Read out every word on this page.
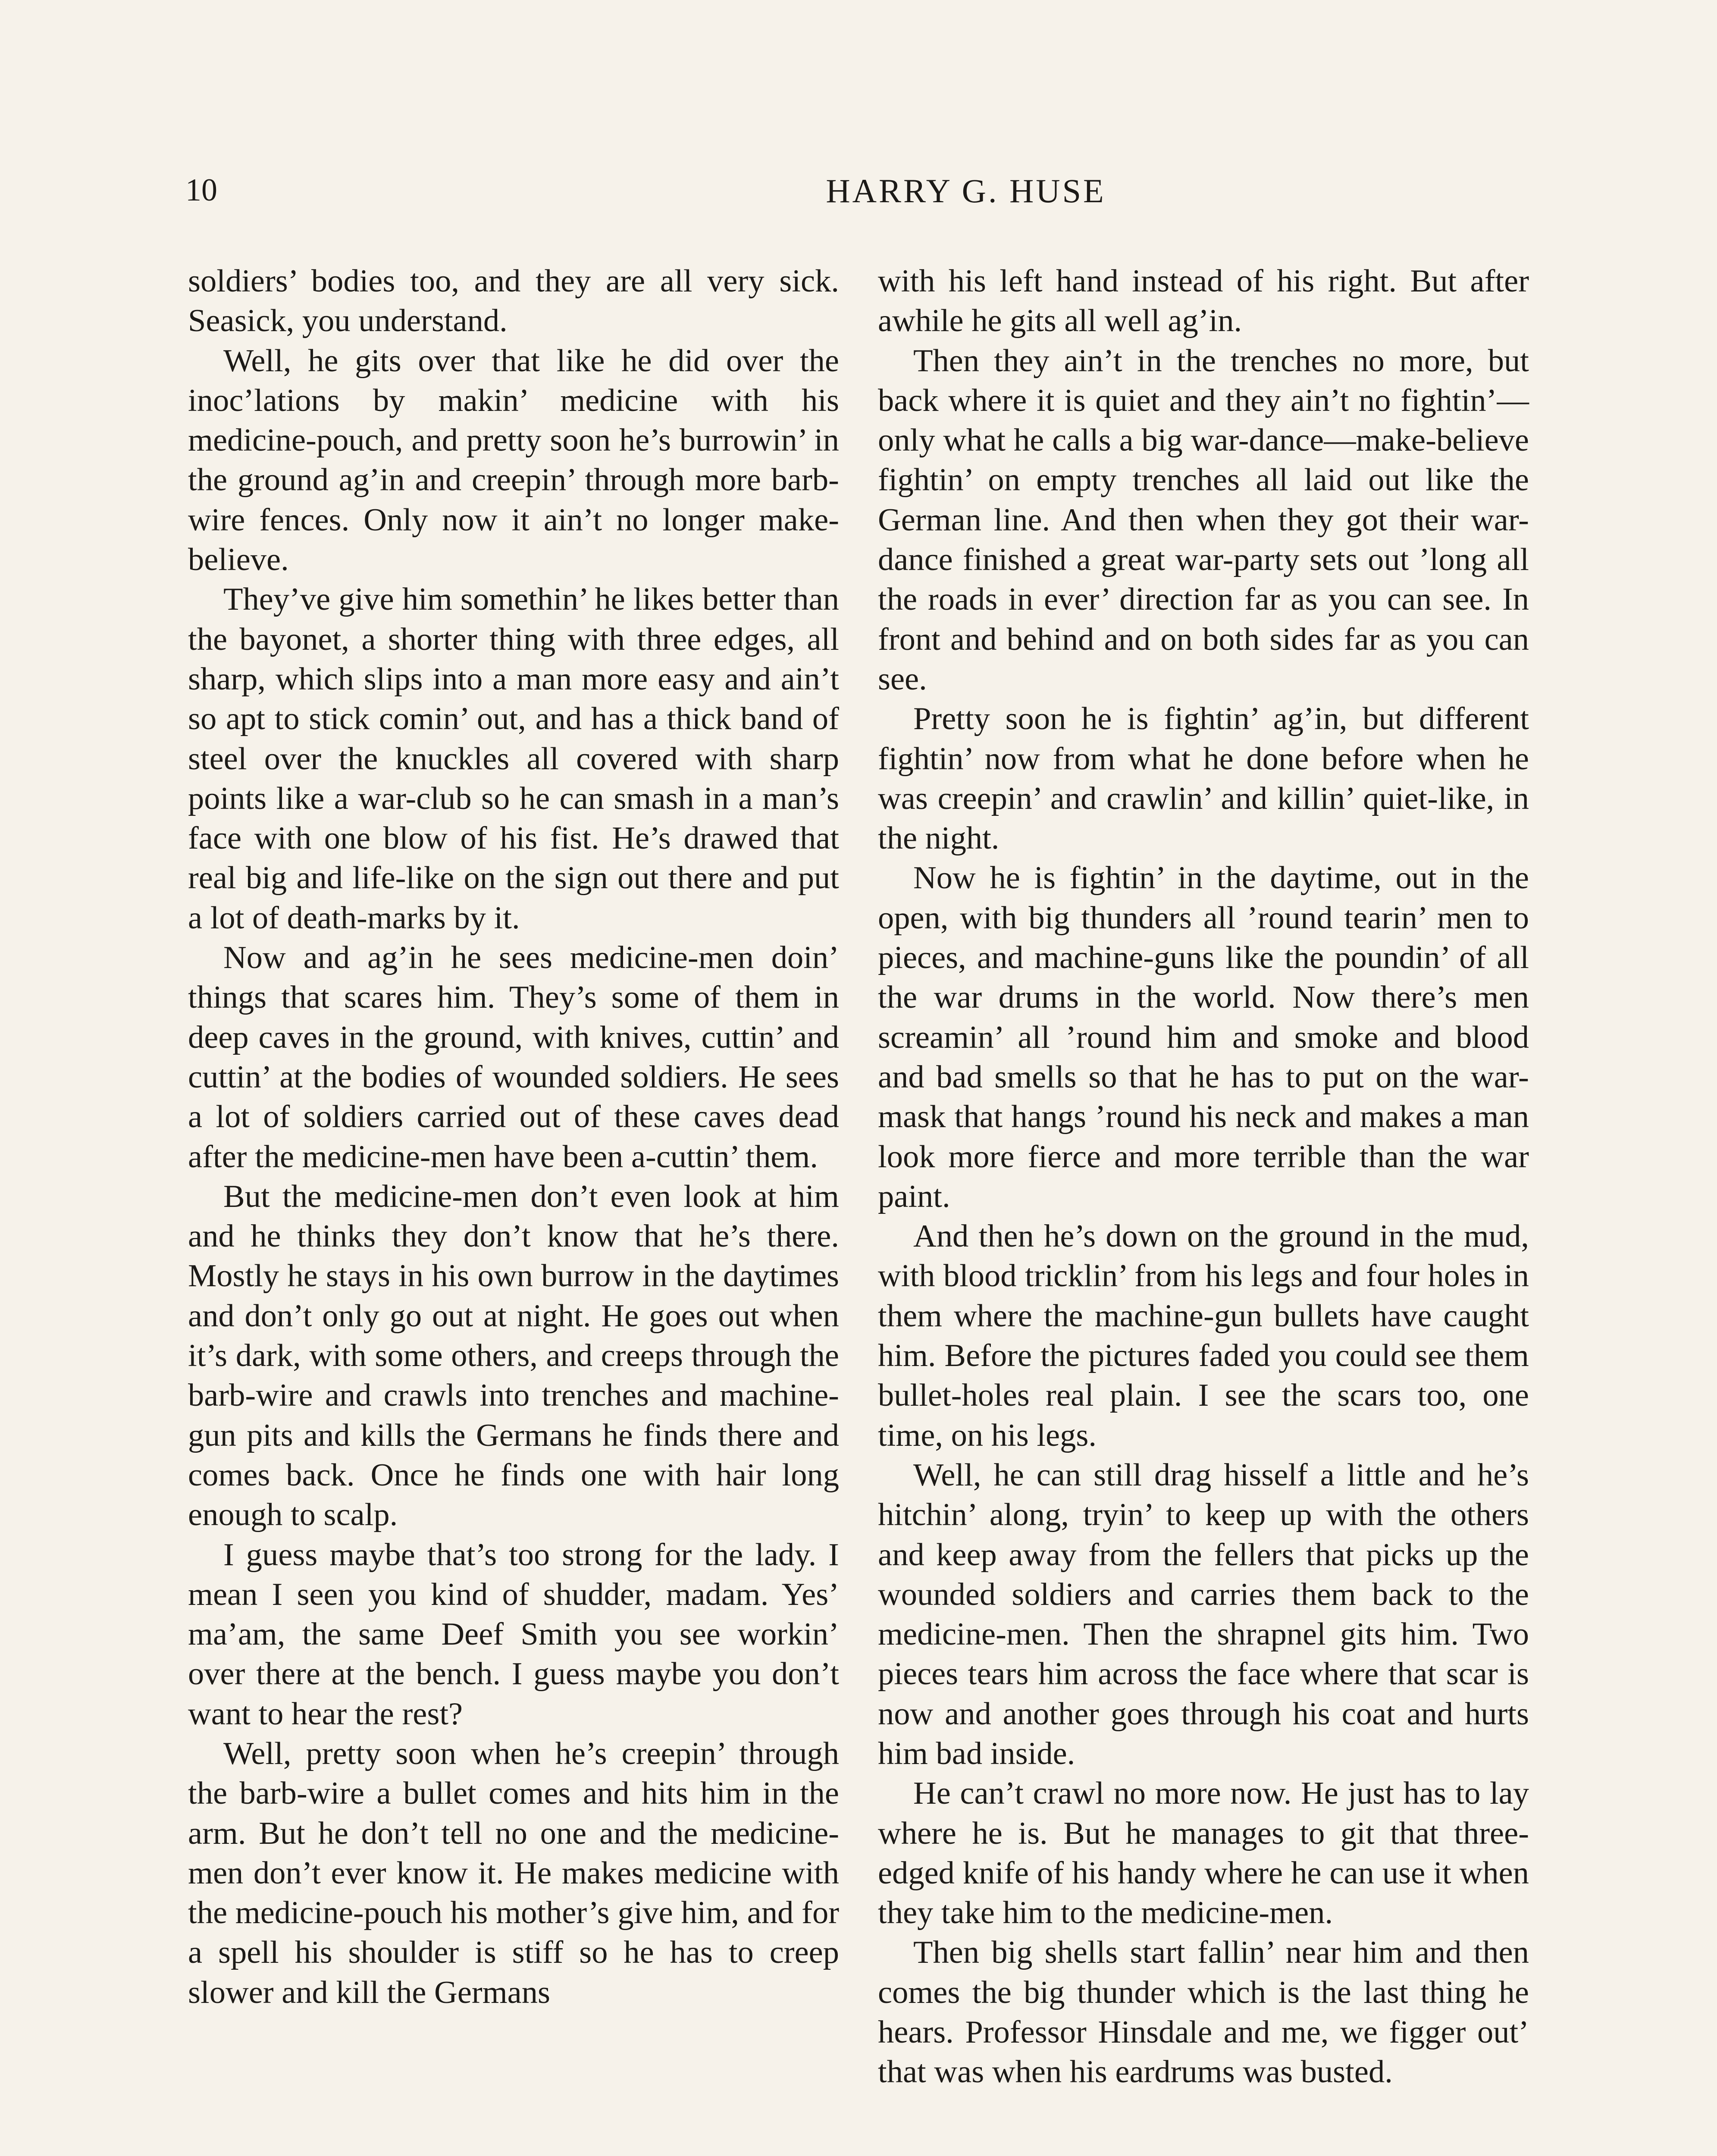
10	HARRY G. HUSE

soldiers’ bodies too, and they are all very sick. Seasick, you understand.

Well, he gits over that like he did over the inoc’lations by makin’ medicine with his medicine-pouch, and pretty soon he’s burrowin’ in the ground ag’in and creepin’ through more barb-wire fences. Only now it ain’t no longer make-believe.

They’ve give him somethin’ he likes better than the bayonet, a shorter thing with three edges, all sharp, which slips into a man more easy and ain’t so apt to stick comin’ out, and has a thick band of steel over the knuckles all covered with sharp points like a war-club so he can smash in a man’s face with one blow of his fist. He’s drawed that real big and life-like on the sign out there and put a lot of death-marks by it.

Now and ag’in he sees medicine-men doin’ things that scares him. They’s some of them in deep caves in the ground, with knives, cuttin’ and cuttin’ at the bodies of wounded soldiers. He sees a lot of soldiers carried out of these caves dead after the medicine-men have been a-cuttin’ them.

But the medicine-men don’t even look at him and he thinks they don’t know that he’s there. Mostly he stays in his own burrow in the daytimes and don’t only go out at night. He goes out when it’s dark, with some others, and creeps through the barb-wire and crawls into trenches and machine-gun pits and kills the Germans he finds there and comes back. Once he finds one with hair long enough to scalp.

I guess maybe that’s too strong for the lady. I mean I seen you kind of shudder, madam. Yes’ ma’am, the same Deef Smith you see workin’ over there at the bench. I guess maybe you don’t want to hear the rest?

Well, pretty soon when he’s creepin’ through the barb-wire a bullet comes and hits him in the arm. But he don’t tell no one and the medicine-men don’t ever know it. He makes medicine with the medicine-pouch his mother’s give him, and for a spell his shoulder is stiff so he has to creep slower and kill the Germans

with his left hand instead of his right. But after awhile he gits all well ag’in.

Then they ain’t in the trenches no more, but back where it is quiet and they ain’t no fightin’—only what he calls a big war-dance—make-believe fightin’ on empty trenches all laid out like the German line. And then when they got their war-dance finished a great war-party sets out ’long all the roads in ever’ direction far as you can see. In front and behind and on both sides far as you can see.

Pretty soon he is fightin’ ag’in, but different fightin’ now from what he done before when he was creepin’ and crawlin’ and killin’ quiet-like, in the night.

Now he is fightin’ in the daytime, out in the open, with big thunders all ’round tearin’ men to pieces, and machine-guns like the poundin’ of all the war drums in the world. Now there’s men screamin’ all ’round him and smoke and blood and bad smells so that he has to put on the war-mask that hangs ’round his neck and makes a man look more fierce and more terrible than the war paint.

And then he’s down on the ground in the mud, with blood tricklin’ from his legs and four holes in them where the machine-gun bullets have caught him. Before the pictures faded you could see them bullet-holes real plain. I see the scars too, one time, on his legs.

Well, he can still drag hisself a little and he’s hitchin’ along, tryin’ to keep up with the others and keep away from the fellers that picks up the wounded soldiers and carries them back to the medicine-men. Then the shrapnel gits him. Two pieces tears him across the face where that scar is now and another goes through his coat and hurts him bad inside.

He can’t crawl no more now. He just has to lay where he is. But he manages to git that three-edged knife of his handy where he can use it when they take him to the medicine-men.

Then big shells start fallin’ near him and then comes the big thunder which is the last thing he hears. Professor Hinsdale and me, we figger out’ that was when his eardrums was busted.
